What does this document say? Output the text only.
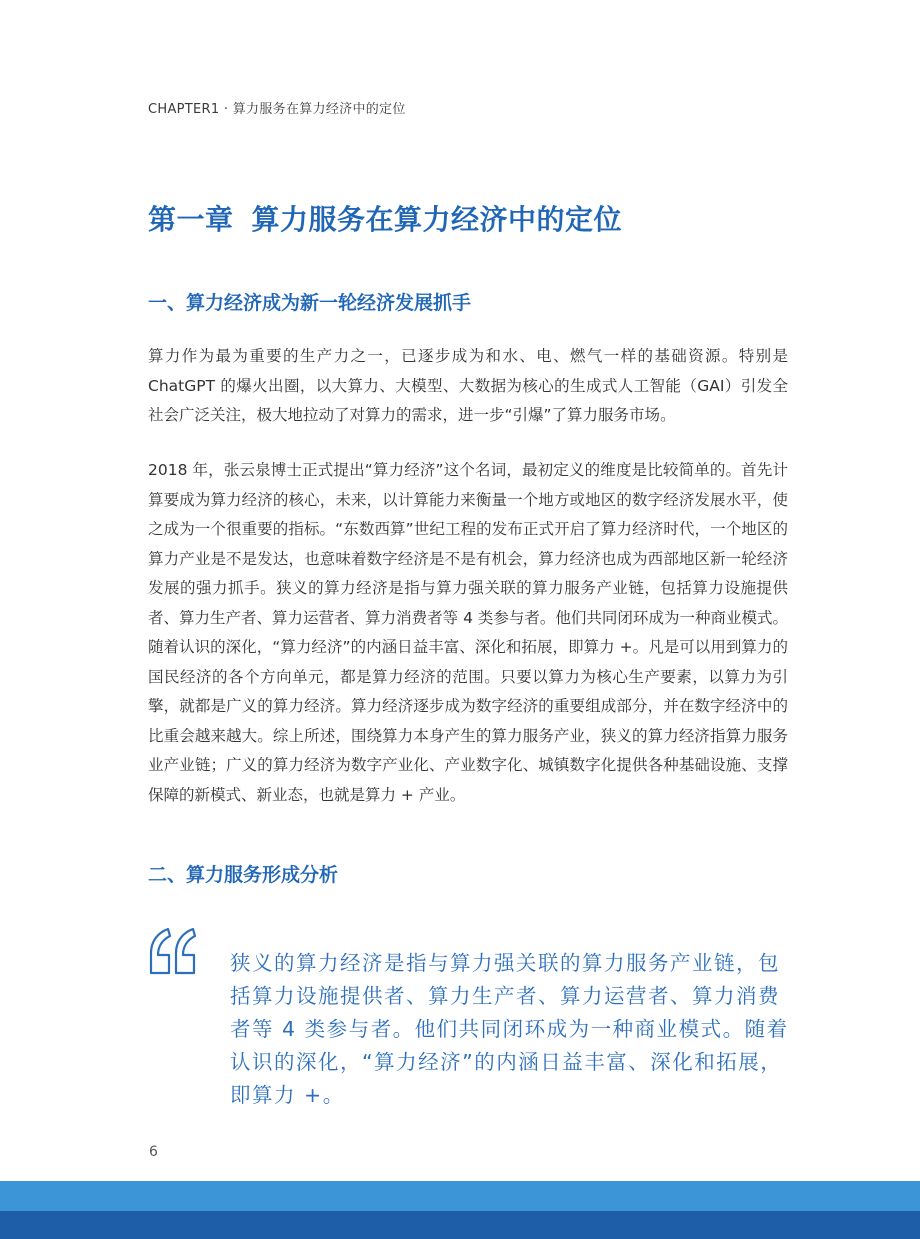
CHAPTER1 · 算力服务在算力经济中的定位
第一章 算力服务在算力经济中的定位
一、算力经济成为新一轮经济发展抓手

算力作为最为重要的生产力之一，已逐步成为和水、电、燃气一样的基础资源。特别是 ChatGPT 的爆火出圈，以大算力、大模型、大数据为核心的生成式人工智能（GAI）引发全社会广泛关注，极大地拉动了对算力的需求，进一步“引爆”了算力服务市场。

2018 年，张云泉博士正式提出“算力经济”这个名词，最初定义的维度是比较简单的。首先计算要成为算力经济的核心，未来，以计算能力来衡量一个地方或地区的数字经济发展水平，使之成为一个很重要的指标。“东数西算”世纪工程的发布正式开启了算力经济时代，一个地区的算力产业是不是发达，也意味着数字经济是不是有机会，算力经济也成为西部地区新一轮经济发展的强力抓手。狭义的算力经济是指与算力强关联的算力服务产业链，包括算力设施提供者、算力生产者、算力运营者、算力消费者等 4 类参与者。他们共同闭环成为一种商业模式。随着认识的深化，“算力经济”的内涵日益丰富、深化和拓展，即算力 +。凡是可以用到算力的国民经济的各个方向单元，都是算力经济的范围。只要以算力为核心生产要素，以算力为引擎，就都是广义的算力经济。算力经济逐步成为数字经济的重要组成部分，并在数字经济中的比重会越来越大。综上所述，围绕算力本身产生的算力服务产业，狭义的算力经济指算力服务业产业链；广义的算力经济为数字产业化、产业数字化、城镇数字化提供各种基础设施、支撑保障的新模式、新业态，也就是算力 + 产业。

二、算力服务形成分析

狭义的算力经济是指与算力强关联的算力服务产业链，包括算力设施提供者、算力生产者、算力运营者、算力消费者等 4 类参与者。他们共同闭环成为一种商业模式。随着认识的深化，“算力经济”的内涵日益丰富、深化和拓展，即算力 +。

6
